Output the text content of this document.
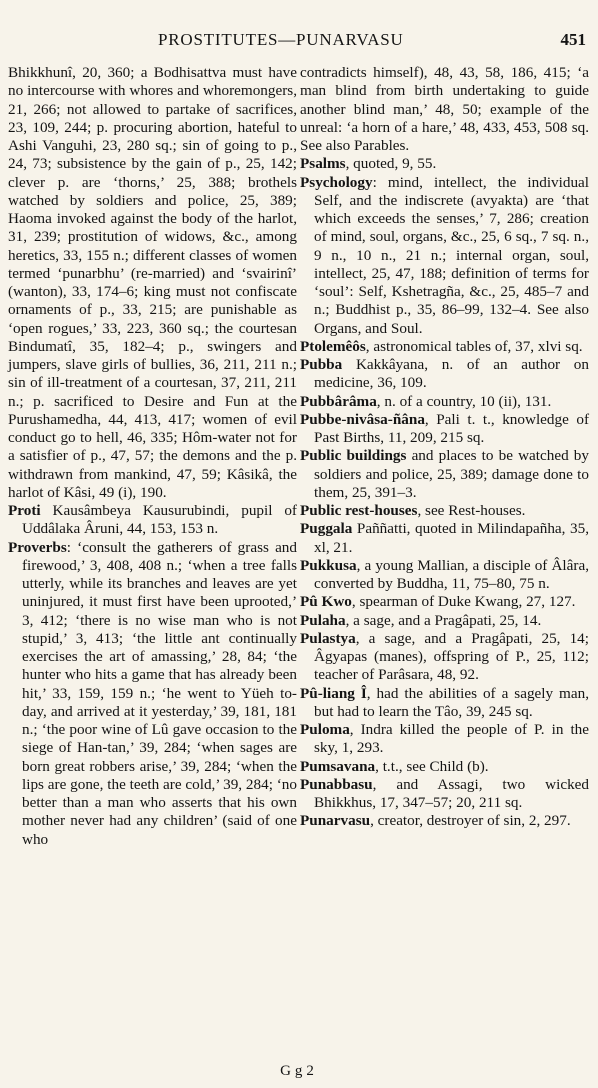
PROSTITUTES—PUNARVASU	451
Bhikkhunî, 20, 360; a Bodhisattva must have no intercourse with whores and whoremongers, 21, 266; not allowed to partake of sacrifices, 23, 109, 244; p. procuring abortion, hateful to Ashi Vanguhi, 23, 280 sq.; sin of going to p., 24, 73; subsistence by the gain of p., 25, 142; clever p. are ‘thorns,’ 25, 388; brothels watched by soldiers and police, 25, 389; Haoma invoked against the body of the harlot, 31, 239; prostitution of widows, &c., among heretics, 33, 155 n.; different classes of women termed ‘punarbhu’ (re-married) and ‘svairinî’ (wanton), 33, 174–6; king must not confiscate ornaments of p., 33, 215; are punishable as ‘open rogues,’ 33, 223, 360 sq.; the courtesan Bindumatî, 35, 182–4; p., swingers and jumpers, slave girls of bullies, 36, 211, 211 n.; sin of ill-treatment of a courtesan, 37, 211, 211 n.; p. sacrificed to Desire and Fun at the Purushamedha, 44, 413, 417; women of evil conduct go to hell, 46, 335; Hôm-water not for a satisfier of p., 47, 57; the demons and the p. withdrawn from mankind, 47, 59; Kâsikâ, the harlot of Kâsi, 49 (i), 190.
Proti Kausâmbeya Kausurubindi, pupil of Uddâlaka Âruni, 44, 153, 153 n.
Proverbs: ‘consult the gatherers of grass and firewood,’ 3, 408, 408 n.; ‘when a tree falls utterly, while its branches and leaves are yet uninjured, it must first have been uprooted,’ 3, 412; ‘there is no wise man who is not stupid,’ 3, 413; ‘the little ant continually exercises the art of amassing,’ 28, 84; ‘the hunter who hits a game that has already been hit,’ 33, 159, 159 n.; ‘he went to Yüeh to-day, and arrived at it yesterday,’ 39, 181, 181 n.; ‘the poor wine of Lû gave occasion to the siege of Han-tan,’ 39, 284; ‘when sages are born great robbers arise,’ 39, 284; ‘when the lips are gone, the teeth are cold,’ 39, 284; ‘no better than a man who asserts that his own mother never had any children’ (said of one who
contradicts himself), 48, 43, 58, 186, 415; ‘a man blind from birth undertaking to guide another blind man,’ 48, 50; example of the unreal: ‘a horn of a hare,’ 48, 433, 453, 508 sq. See also Parables.
Psalms, quoted, 9, 55.
Psychology: mind, intellect, the individual Self, and the indiscrete (avyakta) are ‘that which exceeds the senses,’ 7, 286; creation of mind, soul, organs, &c., 25, 6 sq., 7 sq. n., 9 n., 10 n., 21 n.; internal organ, soul, intellect, 25, 47, 188; definition of terms for ‘soul’: Self, Kshetragña, &c., 25, 485–7 and n.; Buddhist p., 35, 86–99, 132–4. See also Organs, and Soul.
Ptolemêôs, astronomical tables of, 37, xlvi sq.
Pubba Kakkâyana, n. of an author on medicine, 36, 109.
Pubbârâma, n. of a country, 10 (ii), 131.
Pubbe-nivâsa-ñâna, Pali t. t., knowledge of Past Births, 11, 209, 215 sq.
Public buildings and places to be watched by soldiers and police, 25, 389; damage done to them, 25, 391–3.
Public rest-houses, see Rest-houses.
Puggala Paññatti, quoted in Milindapañha, 35, xl, 21.
Pukkusa, a young Mallian, a disciple of Âlâra, converted by Buddha, 11, 75–80, 75 n.
Pû Kwo, spearman of Duke Kwang, 27, 127.
Pulaha, a sage, and a Pragâpati, 25, 14.
Pulastya, a sage, and a Pragâpati, 25, 14; Âgyapas (manes), offspring of P., 25, 112; teacher of Parâsara, 48, 92.
Pû-liang Î, had the abilities of a sagely man, but had to learn the Tâo, 39, 245 sq.
Puloma, Indra killed the people of P. in the sky, 1, 293.
Pumsavana, t.t., see Child (b).
Punabbasu, and Assagi, two wicked Bhikkhus, 17, 347–57; 20, 211 sq.
Punarvasu, creator, destroyer of sin, 2, 297.
Gg2
